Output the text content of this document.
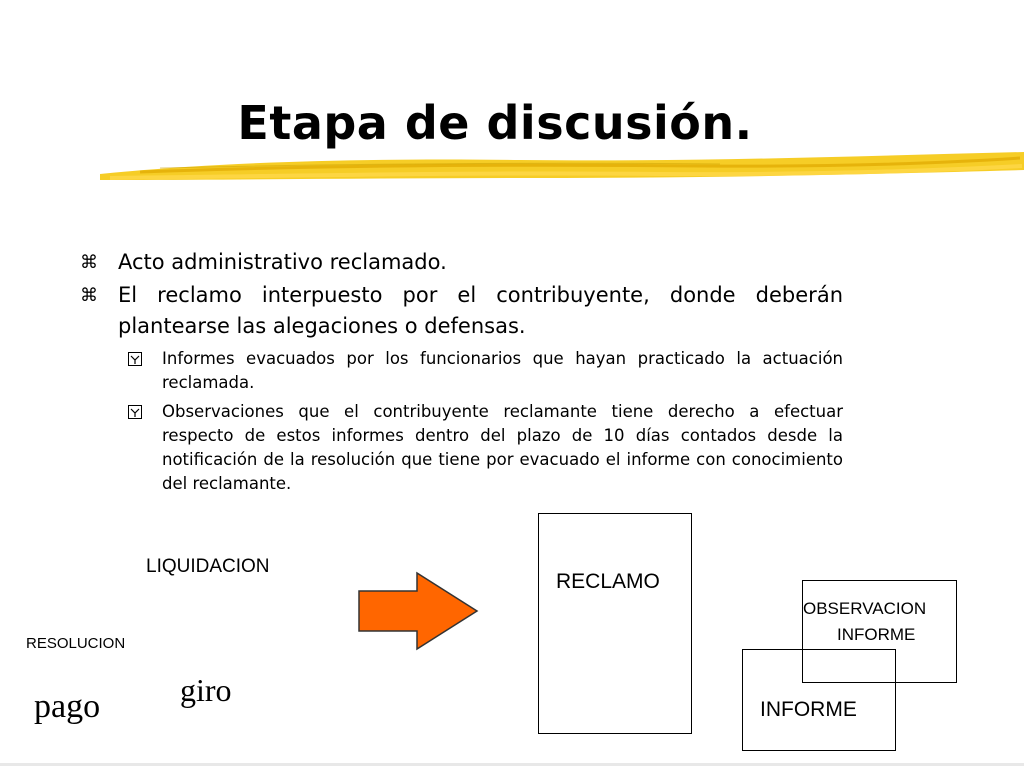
Etapa de discusión.
⌘ Acto administrativo reclamado.
⌘ El reclamo interpuesto por el contribuyente, donde deberán plantearse las alegaciones o defensas.
Informes evacuados por los funcionarios que hayan practicado la actuación reclamada.
Observaciones que el contribuyente reclamante tiene derecho a efectuar respecto de estos informes dentro del plazo de 10 días contados desde la notificación de la resolución que tiene por evacuado el informe con conocimiento del reclamante.
LIQUIDACION
RESOLUCION
pago giro
RECLAMO
OBSERVACION
INFORME
INFORME
